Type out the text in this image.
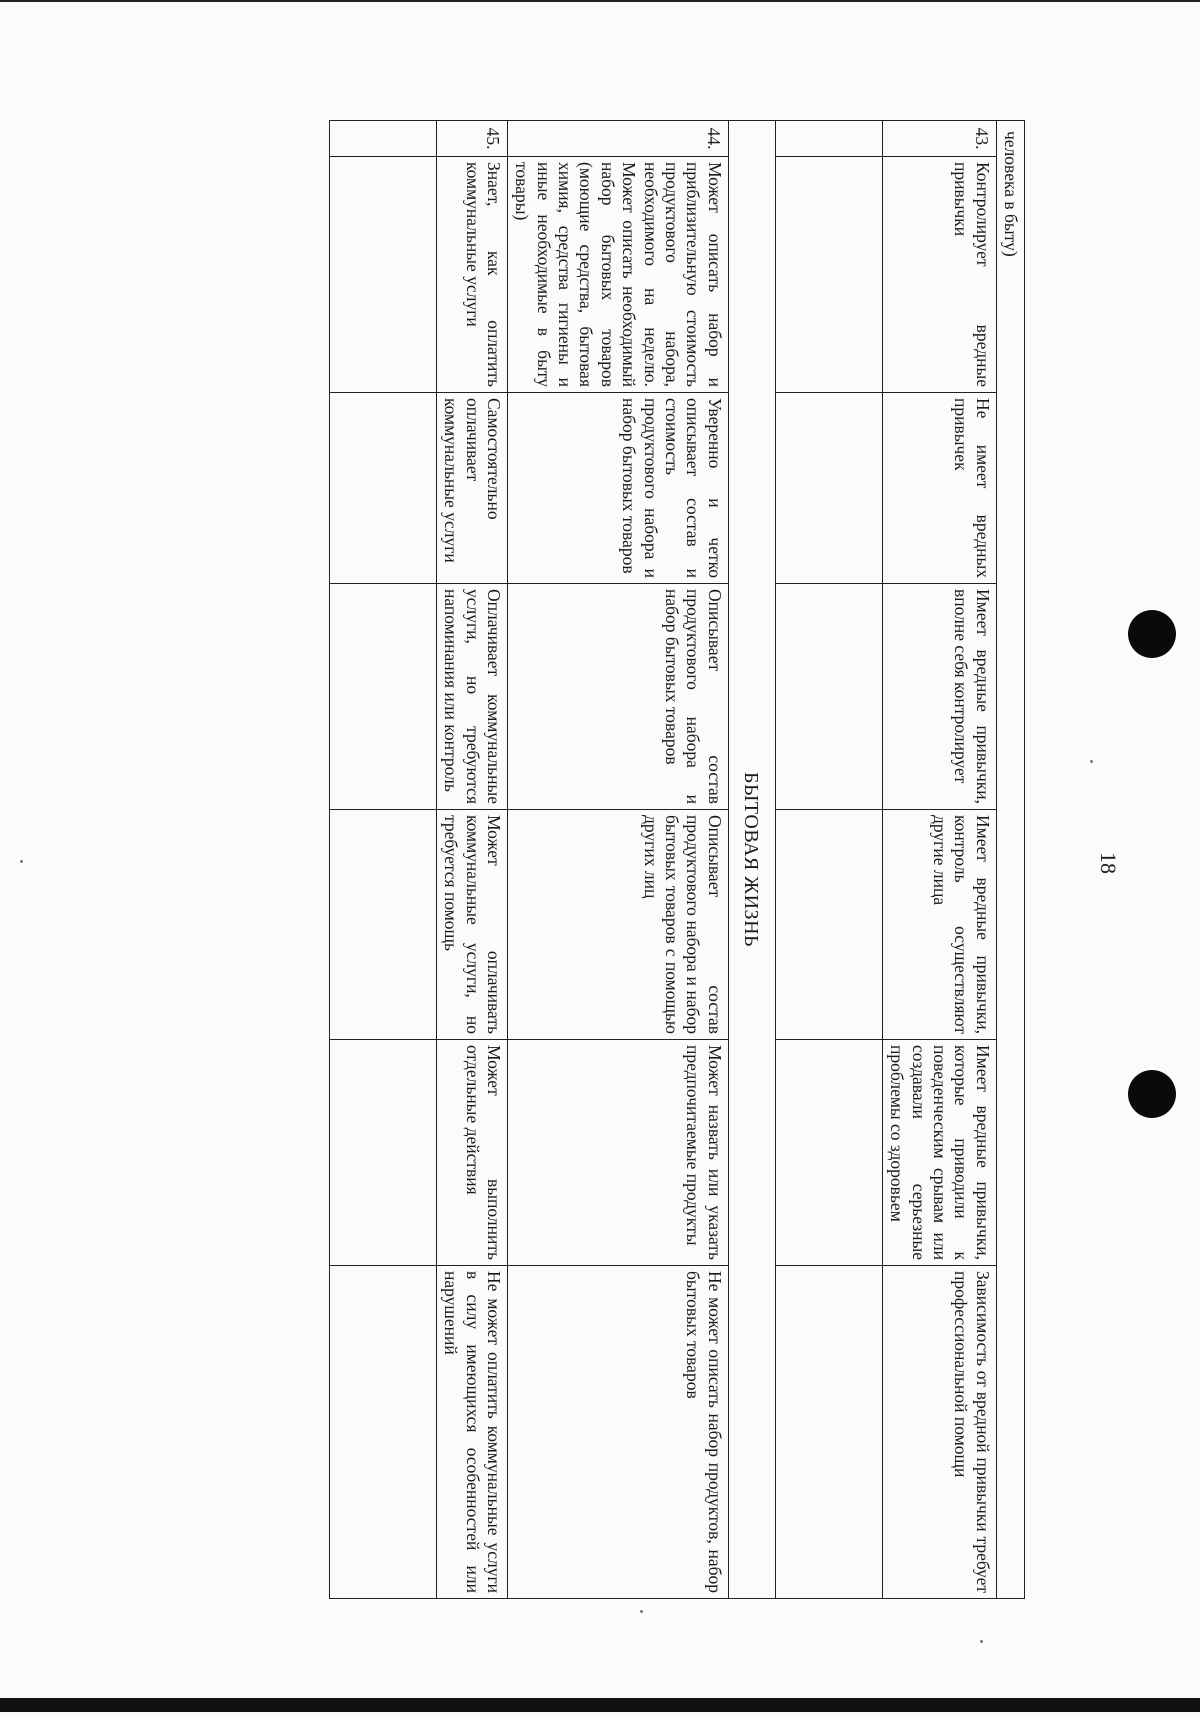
18
человека в быту)						
43.	Контролирует вредные привычки	Не имеет вредных привычек	Имеет вредные привычки, вполне себя контролирует	Имеет вредные привычки, контроль осуществляют другие лица	Имеет вредные привычки, которые приводили к поведенческим срывам или создавали серьезные проблемы со здоровьем	Зависимость от вредной привычки требует профессиональной помощи

БЫТОВАЯ ЖИЗНЬ						
44.	Может описать набор и приблизительную стоимость продуктового набора, необходимого на неделю. Может описать необходимый набор бытовых товаров (моющие средства, бытовая химия, средства гигиены и иные необходимые в быту товары)	Уверенно и четко описывает состав и стоимость продуктового набора и набор бытовых товаров	Описывает состав продуктового набора и набор бытовых товаров	Описывает состав продуктового набора и набор бытовых товаров с помощью других лиц	Может назвать или указать предпочитаемые продукты	Не может описать набор продуктов, набор бытовых товаров
45.	Знает, как оплатить коммунальные услуги	Самостоятельно оплачивает коммунальные услуги	Оплачивает коммунальные услуги, но требуются напоминания или контроль	Может оплачивать коммунальные услуги, но требуется помощь	Может выполнить отдельные действия	Не может оплатить коммунальные услуги в силу имеющихся особенностей или нарушений
